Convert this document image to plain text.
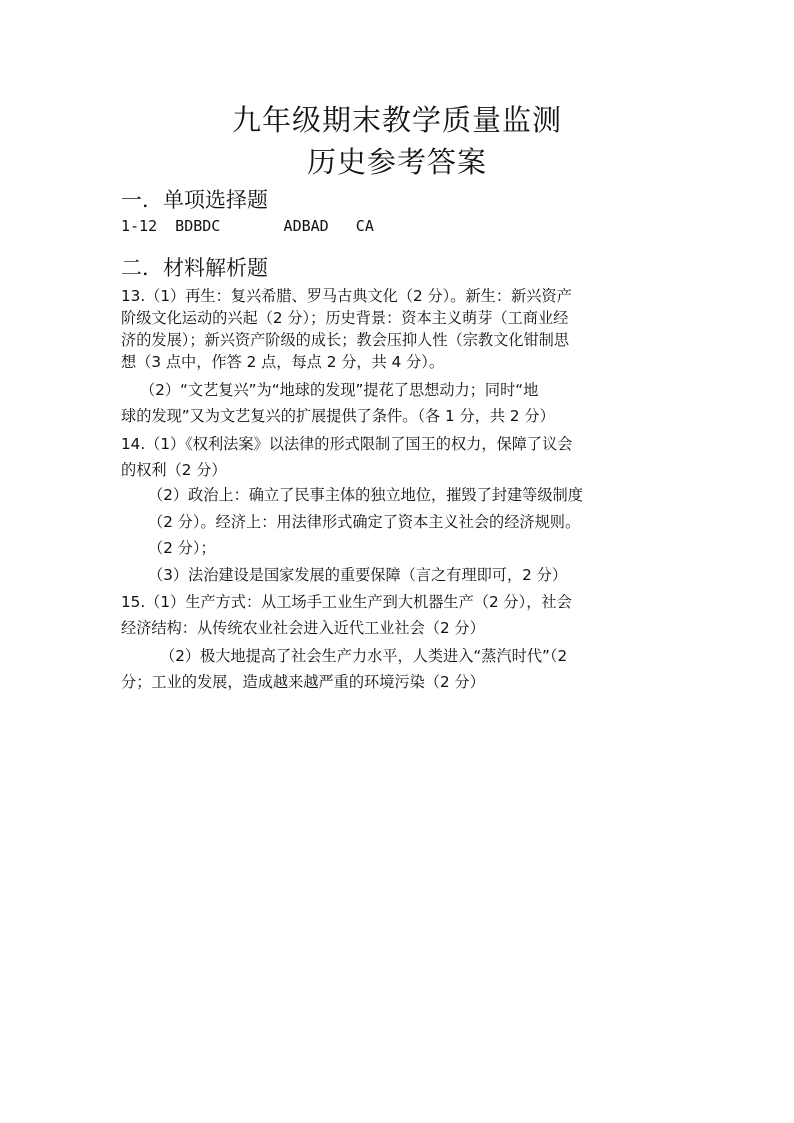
九年级期末教学质量监测
历史参考答案
一．单项选择题
1-12  BDBDC       ADBAD   CA
二．材料解析题
13.（1）再生：复兴希腊、罗马古典文化（2 分）。新生：新兴资产
阶级文化运动的兴起（2 分）；历史背景：资本主义萌芽（工商业经
济的发展）；新兴资产阶级的成长；教会压抑人性（宗教文化钳制思
想（3 点中，作答 2 点，每点 2 分，共 4 分）。
（2）“文艺复兴”为“地球的发现”提花了思想动力；同时“地
球的发现”又为文艺复兴的扩展提供了条件。（各 1 分，共 2 分）
14.（1）《权利法案》以法律的形式限制了国王的权力，保障了议会
的权利（2 分）
（2）政治上：确立了民事主体的独立地位，摧毁了封建等级制度
（2 分）。经济上：用法律形式确定了资本主义社会的经济规则。
（2 分）；
（3）法治建设是国家发展的重要保障（言之有理即可，2 分）
15.（1）生产方式：从工场手工业生产到大机器生产（2 分），社会
经济结构：从传统农业社会进入近代工业社会（2 分）
（2）极大地提高了社会生产力水平，人类进入“蒸汽时代”（2
分；工业的发展，造成越来越严重的环境污染（2 分）
